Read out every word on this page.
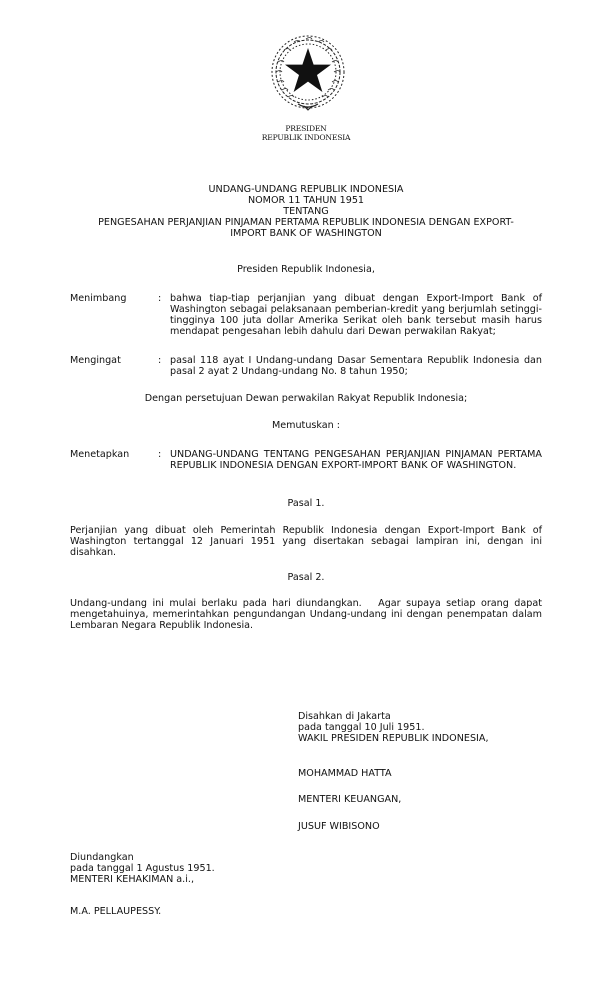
PRESIDEN
REPUBLIK INDONESIA
UNDANG-UNDANG REPUBLIK INDONESIA
NOMOR 11 TAHUN 1951
TENTANG
PENGESAHAN PERJANJIAN PINJAMAN PERTAMA REPUBLIK INDONESIA DENGAN EXPORT-
IMPORT BANK OF WASHINGTON
Presiden Republik Indonesia,
Menimbang	: bahwa tiap-tiap perjanjian yang dibuat dengan Export-Import Bank of Washington sebagai pelaksanaan pemberian-kredit yang berjumlah setinggi-tingginya 100 juta dollar Amerika Serikat oleh bank tersebut masih harus mendapat pengesahan lebih dahulu dari Dewan perwakilan Rakyat;
Mengingat	: pasal 118 ayat I Undang-undang Dasar Sementara Republik Indonesia dan pasal 2 ayat 2 Undang-undang No. 8 tahun 1950;
Dengan persetujuan Dewan perwakilan Rakyat Republik Indonesia;
Memutuskan :
Menetapkan	: UNDANG-UNDANG TENTANG PENGESAHAN PERJANJIAN PINJAMAN PERTAMA REPUBLIK INDONESIA DENGAN EXPORT-IMPORT BANK OF WASHINGTON.
Pasal 1.
Perjanjian yang dibuat oleh Pemerintah Republik Indonesia dengan Export-Import Bank of Washington tertanggal 12 Januari 1951 yang disertakan sebagai lampiran ini, dengan ini disahkan.
Pasal 2.
Undang-undang ini mulai berlaku pada hari diundangkan.   Agar supaya setiap orang dapat mengetahuinya, memerintahkan pengundangan Undang-undang ini dengan penempatan dalam Lembaran Negara Republik Indonesia.
Disahkan di Jakarta
pada tanggal 10 Juli 1951.
WAKIL PRESIDEN REPUBLIK INDONESIA,
MOHAMMAD HATTA
MENTERI KEUANGAN,
JUSUF WIBISONO
Diundangkan
pada tanggal 1 Agustus 1951.
MENTERI KEHAKIMAN a.i.,
M.A. PELLAUPESSY.
